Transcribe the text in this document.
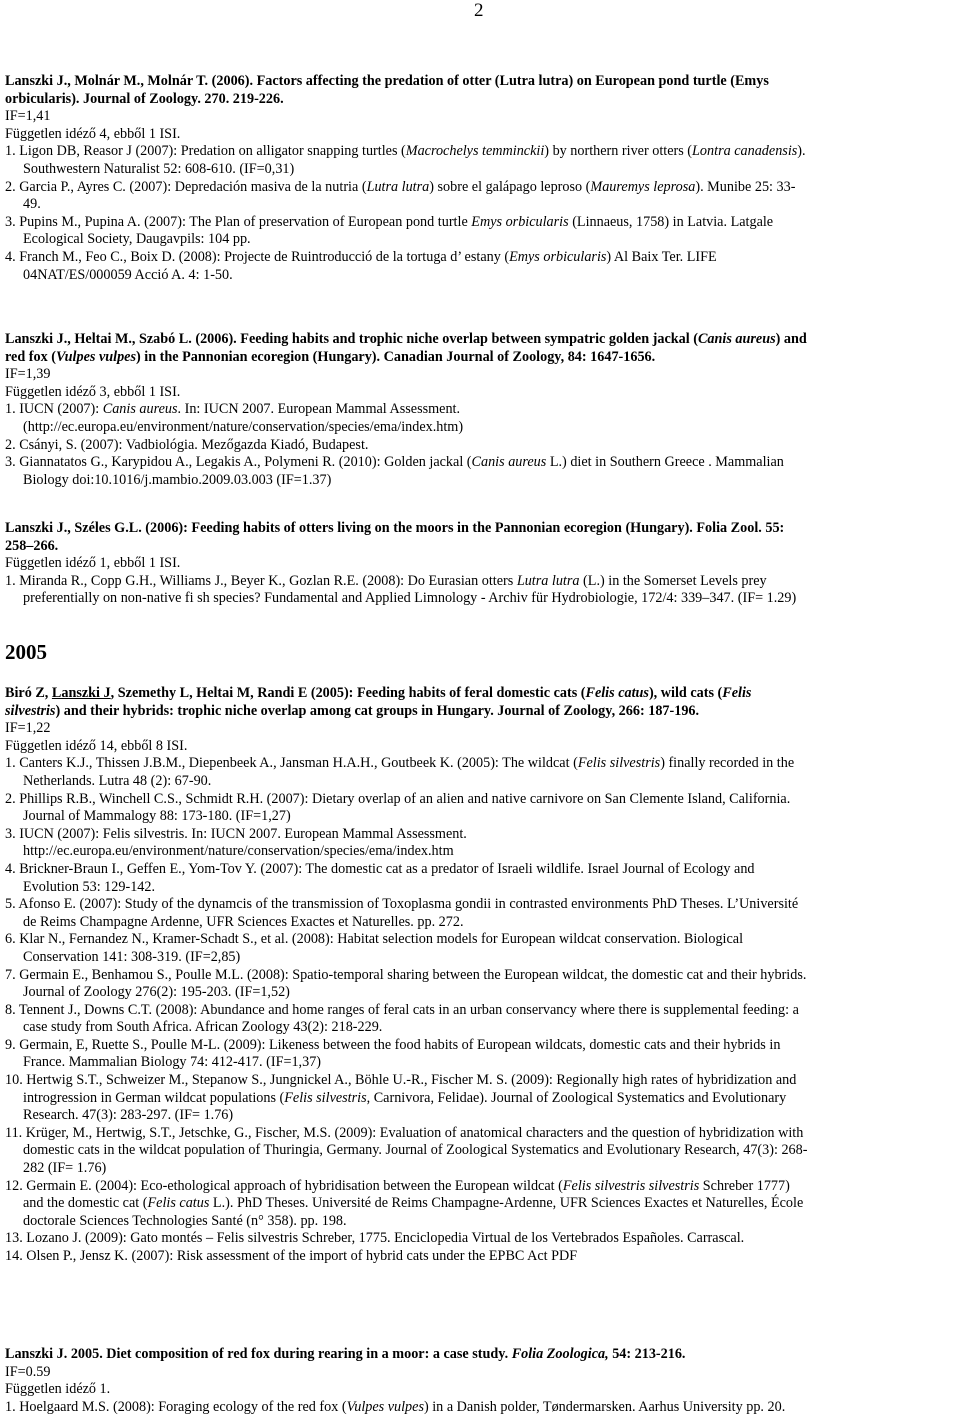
2
2005
Lanszki J., Molnár M., Molnár T. (2006). Factors affecting the predation of otter (Lutra lutra) on European pond turtle (Emys
orbicularis). Journal of Zoology. 270. 219-226.
IF=1,41
Független idéző 4, ebből 1 ISI.
1. Ligon DB, Reasor J (2007): Predation on alligator snapping turtles (Macrochelys temminckii) by northern river otters (Lontra canadensis).
Southwestern Naturalist 52: 608-610. (IF=0,31)
2. Garcia P., Ayres C. (2007): Depredación masiva de la nutria (Lutra lutra) sobre el galápago leproso (Mauremys leprosa). Munibe 25: 33-
49.
3. Pupins M., Pupina A. (2007): The Plan of preservation of European pond turtle Emys orbicularis (Linnaeus, 1758) in Latvia. Latgale
Ecological Society, Daugavpils: 104 pp.
4. Franch M., Feo C., Boix D. (2008): Projecte de Ruintroducció de la tortuga d’ estany (Emys orbicularis) Al Baix Ter. LIFE
04NAT/ES/000059 Acció A. 4: 1-50.
Lanszki J., Heltai M., Szabó L. (2006). Feeding habits and trophic niche overlap between sympatric golden jackal (Canis aureus) and
red fox (Vulpes vulpes) in the Pannonian ecoregion (Hungary). Canadian Journal of Zoology, 84: 1647-1656.
IF=1,39
Független idéző 3, ebből 1 ISI.
1. IUCN (2007): Canis aureus. In: IUCN 2007. European Mammal Assessment.
(http://ec.europa.eu/environment/nature/conservation/species/ema/index.htm)
2. Csányi, S. (2007): Vadbiológia. Mezőgazda Kiadó, Budapest.
3. Giannatatos G., Karypidou A., Legakis A., Polymeni R. (2010): Golden jackal (Canis aureus L.) diet in Southern Greece . Mammalian
Biology doi:10.1016/j.mambio.2009.03.003 (IF=1.37)
Lanszki J., Széles G.L. (2006): Feeding habits of otters living on the moors in the Pannonian ecoregion (Hungary). Folia Zool. 55:
258–266.
Független idéző 1, ebből 1 ISI.
1. Miranda R., Copp G.H., Williams J., Beyer K., Gozlan R.E. (2008): Do Eurasian otters Lutra lutra (L.) in the Somerset Levels prey
preferentially on non-native fi sh species? Fundamental and Applied Limnology - Archiv für Hydrobiologie, 172/4: 339–347. (IF= 1.29)
Biró Z, Lanszki J, Szemethy L, Heltai M, Randi E (2005): Feeding habits of feral domestic cats (Felis catus), wild cats (Felis
silvestris) and their hybrids: trophic niche overlap among cat groups in Hungary. Journal of Zoology, 266: 187-196.
IF=1,22
Független idéző 14, ebből 8 ISI.
1. Canters K.J., Thissen J.B.M., Diepenbeek A., Jansman H.A.H., Goutbeek K. (2005): The wildcat (Felis silvestris) finally recorded in the
Netherlands. Lutra 48 (2): 67-90.
2. Phillips R.B., Winchell C.S., Schmidt R.H. (2007): Dietary overlap of an alien and native carnivore on San Clemente Island, California.
Journal of Mammalogy 88: 173-180. (IF=1,27)
3. IUCN (2007): Felis silvestris. In: IUCN 2007. European Mammal Assessment.
http://ec.europa.eu/environment/nature/conservation/species/ema/index.htm
4. Brickner-Braun I., Geffen E., Yom-Tov Y. (2007): The domestic cat as a predator of Israeli wildlife. Israel Journal of Ecology and
Evolution 53: 129-142.
5. Afonso E. (2007): Study of the dynamcis of the transmission of Toxoplasma gondii in contrasted environments PhD Theses. L’Université
de Reims Champagne Ardenne, UFR Sciences Exactes et Naturelles. pp. 272.
6. Klar N., Fernandez N., Kramer-Schadt S., et al. (2008): Habitat selection models for European wildcat conservation. Biological
Conservation 141: 308-319. (IF=2,85)
7. Germain E., Benhamou S., Poulle M.L. (2008): Spatio-temporal sharing between the European wildcat, the domestic cat and their hybrids.
Journal of Zoology 276(2): 195-203. (IF=1,52)
8. Tennent J., Downs C.T. (2008): Abundance and home ranges of feral cats in an urban conservancy where there is supplemental feeding: a
case study from South Africa. African Zoology 43(2): 218-229.
9. Germain, E, Ruette S., Poulle M-L. (2009): Likeness between the food habits of European wildcats, domestic cats and their hybrids in
France. Mammalian Biology 74: 412-417. (IF=1,37)
10. Hertwig S.T., Schweizer M., Stepanow S., Jungnickel A., Böhle U.-R., Fischer M. S. (2009): Regionally high rates of hybridization and
introgression in German wildcat populations (Felis silvestris, Carnivora, Felidae). Journal of Zoological Systematics and Evolutionary
Research. 47(3): 283-297. (IF= 1.76)
11. Krüger, M., Hertwig, S.T., Jetschke, G., Fischer, M.S. (2009): Evaluation of anatomical characters and the question of hybridization with
domestic cats in the wildcat population of Thuringia, Germany. Journal of Zoological Systematics and Evolutionary Research, 47(3): 268-
282 (IF= 1.76)
12. Germain E. (2004): Eco-ethological approach of hybridisation between the European wildcat (Felis silvestris silvestris Schreber 1777)
and the domestic cat (Felis catus L.). PhD Theses. Université de Reims Champagne-Ardenne, UFR Sciences Exactes et Naturelles, École
doctorale Sciences Technologies Santé (n° 358). pp. 198.
13. Lozano J. (2009): Gato montés – Felis silvestris Schreber, 1775. Enciclopedia Virtual de los Vertebrados Españoles. Carrascal.
14. Olsen P., Jensz K. (2007): Risk assessment of the import of hybrid cats under the EPBC Act PDF
Lanszki J. 2005. Diet composition of red fox during rearing in a moor: a case study. Folia Zoologica, 54: 213-216.
IF=0.59
Független idéző 1.
1. Hoelgaard M.S. (2008): Foraging ecology of the red fox (Vulpes vulpes) in a Danish polder, Tøndermarsken. Aarhus University pp. 20.
